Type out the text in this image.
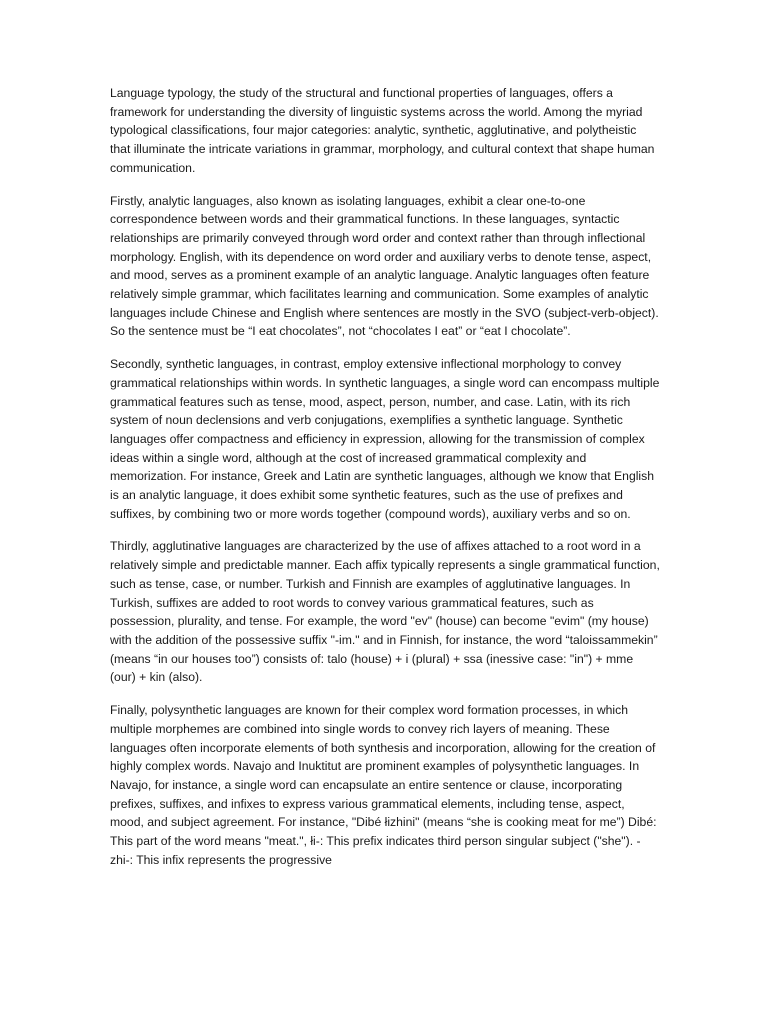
Language typology, the study of the structural and functional properties of languages, offers a framework for understanding the diversity of linguistic systems across the world. Among the myriad typological classifications, four major categories: analytic, synthetic, agglutinative, and polytheistic that illuminate the intricate variations in grammar, morphology, and cultural context that shape human communication.

Firstly, analytic languages, also known as isolating languages, exhibit a clear one-to-one correspondence between words and their grammatical functions. In these languages, syntactic relationships are primarily conveyed through word order and context rather than through inflectional morphology. English, with its dependence on word order and auxiliary verbs to denote tense, aspect, and mood, serves as a prominent example of an analytic language. Analytic languages often feature relatively simple grammar, which facilitates learning and communication. Some examples of analytic languages include Chinese and English where sentences are mostly in the SVO (subject-verb-object). So the sentence must be “I eat chocolates”, not “chocolates I eat” or “eat I chocolate”.

Secondly, synthetic languages, in contrast, employ extensive inflectional morphology to convey grammatical relationships within words. In synthetic languages, a single word can encompass multiple grammatical features such as tense, mood, aspect, person, number, and case. Latin, with its rich system of noun declensions and verb conjugations, exemplifies a synthetic language. Synthetic languages offer compactness and efficiency in expression, allowing for the transmission of complex ideas within a single word, although at the cost of increased grammatical complexity and memorization. For instance, Greek and Latin are synthetic languages, although we know that English is an analytic language, it does exhibit some synthetic features, such as the use of prefixes and suffixes, by combining two or more words together (compound words), auxiliary verbs and so on.

Thirdly, agglutinative languages are characterized by the use of affixes attached to a root word in a relatively simple and predictable manner. Each affix typically represents a single grammatical function, such as tense, case, or number. Turkish and Finnish are examples of agglutinative languages. In Turkish, suffixes are added to root words to convey various grammatical features, such as possession, plurality, and tense. For example, the word "ev" (house) can become "evim" (my house) with the addition of the possessive suffix "-im." and in Finnish, for instance, the word “taloissammekin” (means “in our houses too”) consists of: talo (house) + i (plural) + ssa (inessive case: "in") + mme (our) + kin (also).

Finally, polysynthetic languages are known for their complex word formation processes, in which multiple morphemes are combined into single words to convey rich layers of meaning. These languages often incorporate elements of both synthesis and incorporation, allowing for the creation of highly complex words. Navajo and Inuktitut are prominent examples of polysynthetic languages. In Navajo, for instance, a single word can encapsulate an entire sentence or clause, incorporating prefixes, suffixes, and infixes to express various grammatical elements, including tense, aspect, mood, and subject agreement. For instance, "Dibé łizhini" (means “she is cooking meat for me”) Dibé: This part of the word means "meat.", łi-: This prefix indicates third person singular subject ("she"). -zhi-: This infix represents the progressive
